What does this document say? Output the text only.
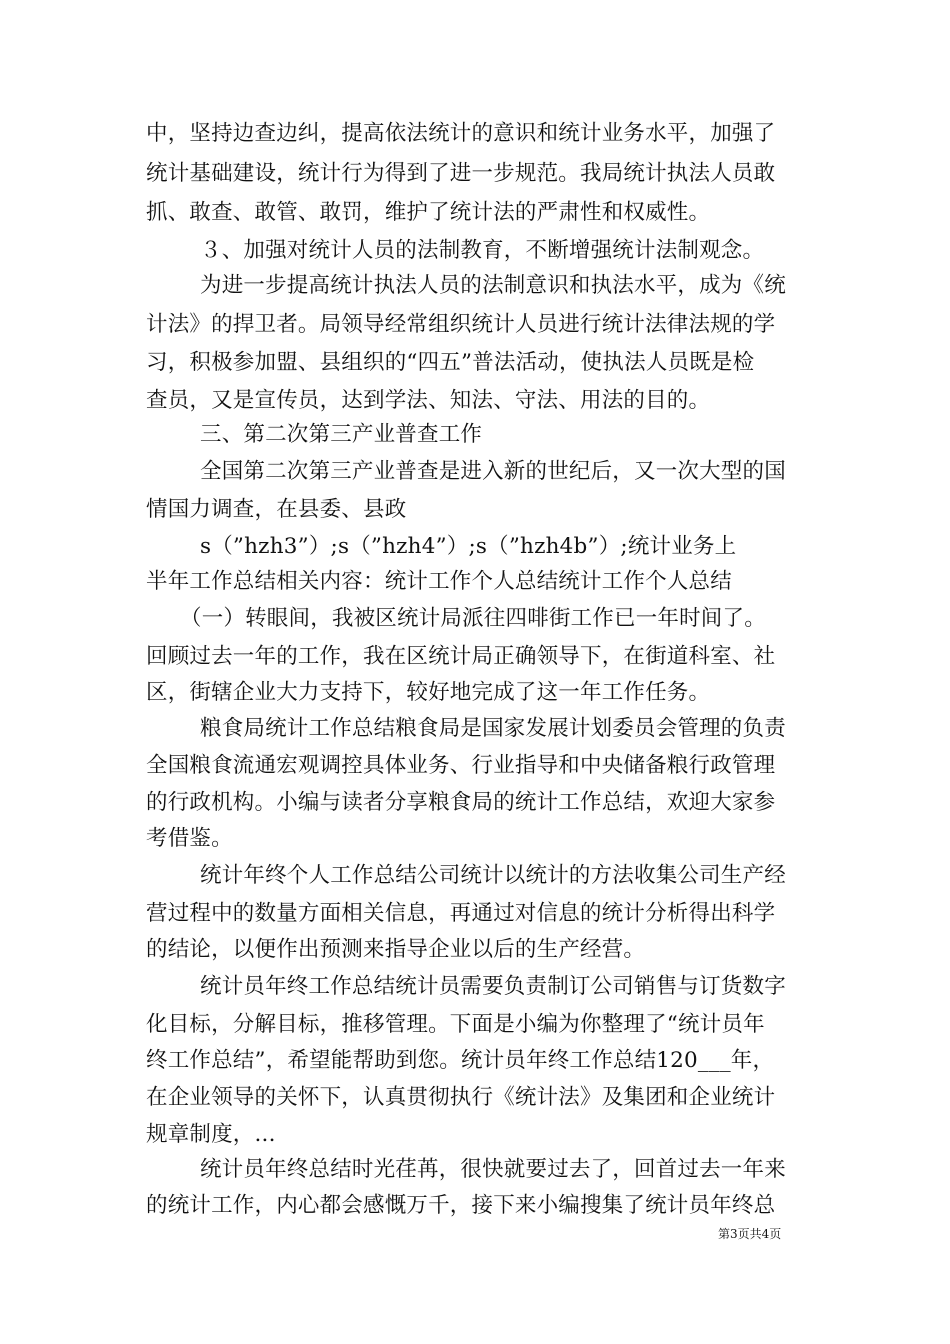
中，坚持边查边纠，提高依法统计的意识和统计业务水平，加强了
统计基础建设，统计行为得到了进一步规范。我局统计执法人员敢
抓、敢查、敢管、敢罚，维护了统计法的严肃性和权威性。
３、加强对统计人员的法制教育，不断增强统计法制观念。
为进一步提高统计执法人员的法制意识和执法水平，成为《统
计法》的捍卫者。局领导经常组织统计人员进行统计法律法规的学
习，积极参加盟、县组织的“四五”普法活动，使执法人员既是检
查员，又是宣传员，达到学法、知法、守法、用法的目的。
三、第二次第三产业普查工作
全国第二次第三产业普查是进入新的世纪后，又一次大型的国
情国力调查，在县委、县政
s（”hzh3”）;s（”hzh4”）;s（”hzh4b”）;统计业务上
半年工作总结相关内容：统计工作个人总结统计工作个人总结
（一）转眼间，我被区统计局派往四啡街工作已一年时间了。
回顾过去一年的工作，我在区统计局正确领导下，在街道科室、社
区，街辖企业大力支持下，较好地完成了这一年工作任务。
粮食局统计工作总结粮食局是国家发展计划委员会管理的负责
全国粮食流通宏观调控具体业务、行业指导和中央储备粮行政管理
的行政机构。小编与读者分享粮食局的统计工作总结，欢迎大家参
考借鉴。
统计年终个人工作总结公司统计以统计的方法收集公司生产经
营过程中的数量方面相关信息，再通过对信息的统计分析得出科学
的结论，以便作出预测来指导企业以后的生产经营。
统计员年终工作总结统计员需要负责制订公司销售与订货数字
化目标，分解目标，推移管理。下面是小编为你整理了“统计员年
终工作总结”，希望能帮助到您。统计员年终工作总结120___年，
在企业领导的关怀下，认真贯彻执行《统计法》及集团和企业统计
规章制度，...
统计员年终总结时光荏苒，很快就要过去了，回首过去一年来
的统计工作，内心都会感慨万千，接下来小编搜集了统计员年终总
第3页共4页
